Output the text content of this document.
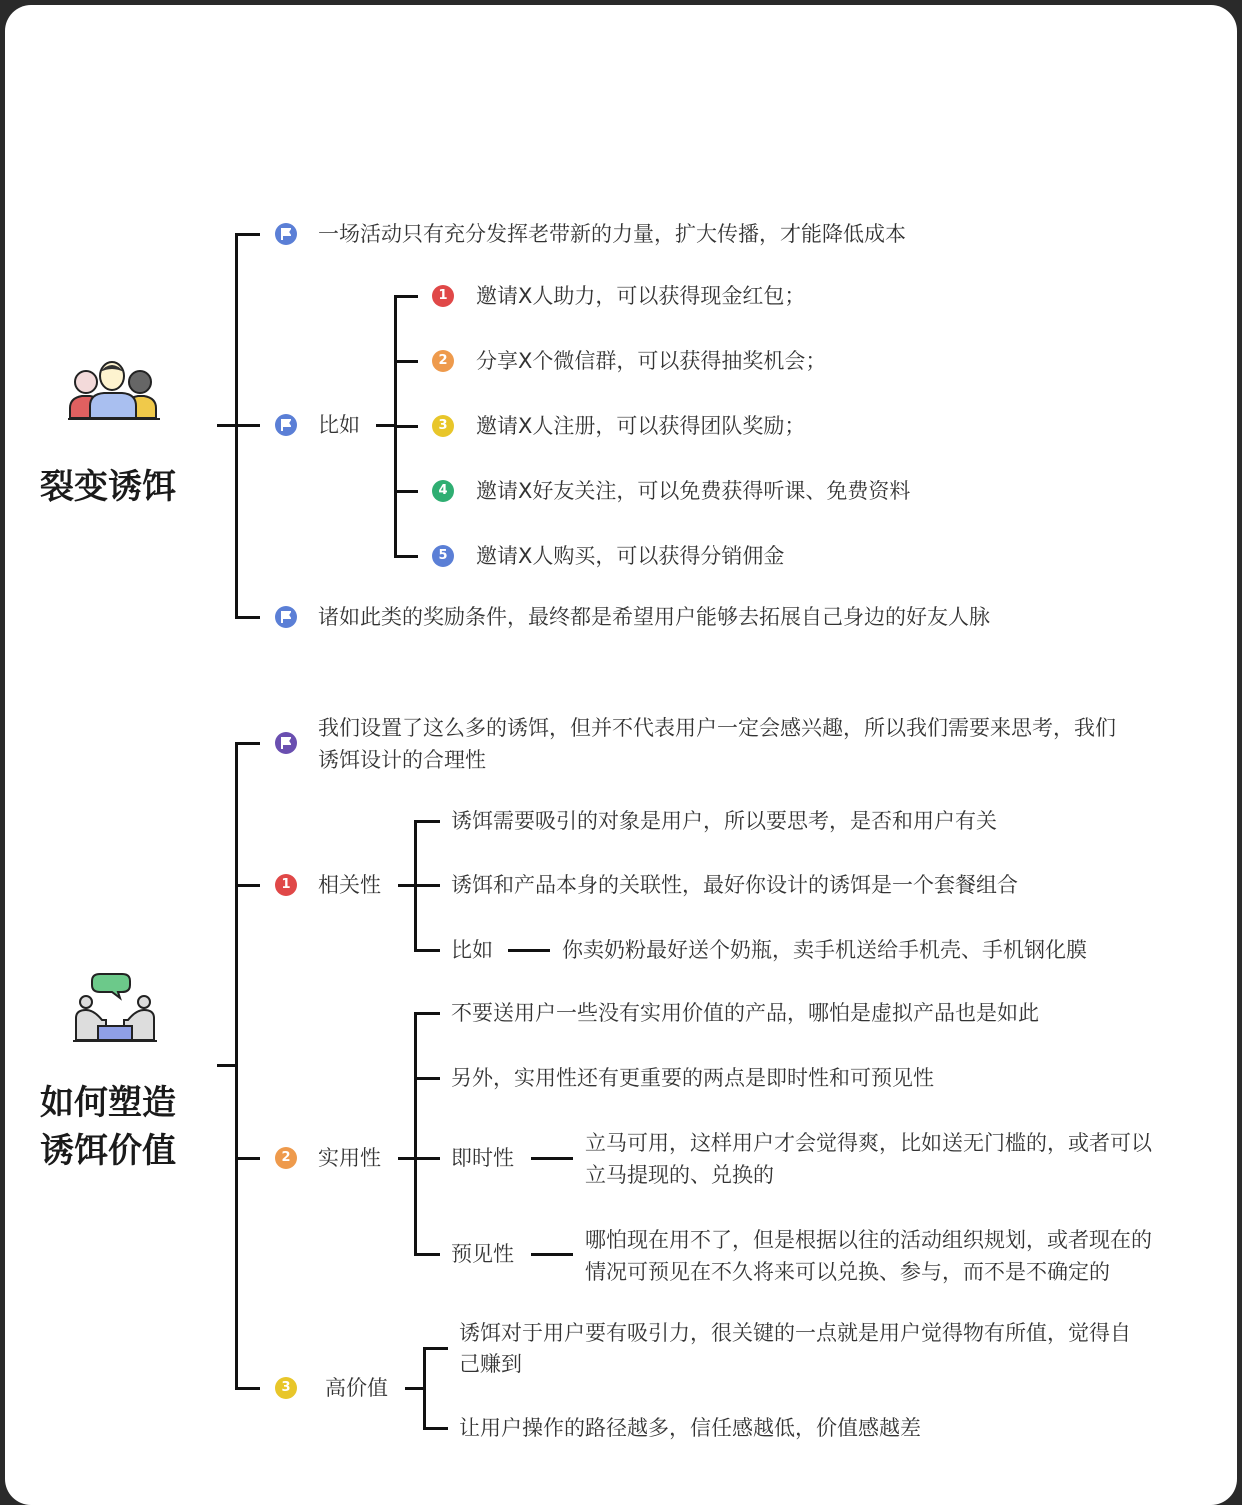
裂变诱饵
一场活动只有充分发挥老带新的力量，扩大传播，才能降低成本
比如
诸如此类的奖励条件，最终都是希望用户能够去拓展自己身边的好友人脉
1	邀请X人助力，可以获得现金红包；
2	分享X个微信群，可以获得抽奖机会；
3	邀请X人注册，可以获得团队奖励；
4	邀请X好友关注，可以免费获得听课、免费资料
5	邀请X人购买，可以获得分销佣金
如何塑造
诱饵价值
我们设置了这么多的诱饵，但并不代表用户一定会感兴趣，所以我们需要来思考，我们
诱饵设计的合理性
1	相关性
诱饵需要吸引的对象是用户，所以要思考，是否和用户有关
诱饵和产品本身的关联性，最好你设计的诱饵是一个套餐组合
比如	你卖奶粉最好送个奶瓶，卖手机送给手机壳、手机钢化膜
2	实用性
不要送用户一些没有实用价值的产品，哪怕是虚拟产品也是如此
另外，实用性还有更重要的两点是即时性和可预见性
即时性
立马可用，这样用户才会觉得爽，比如送无门槛的，或者可以
立马提现的、兑换的
预见性
哪怕现在用不了，但是根据以往的活动组织规划，或者现在的
情况可预见在不久将来可以兑换、参与，而不是不确定的
3	高价值
诱饵对于用户要有吸引力，很关键的一点就是用户觉得物有所值，觉得自
己赚到
让用户操作的路径越多，信任感越低，价值感越差
